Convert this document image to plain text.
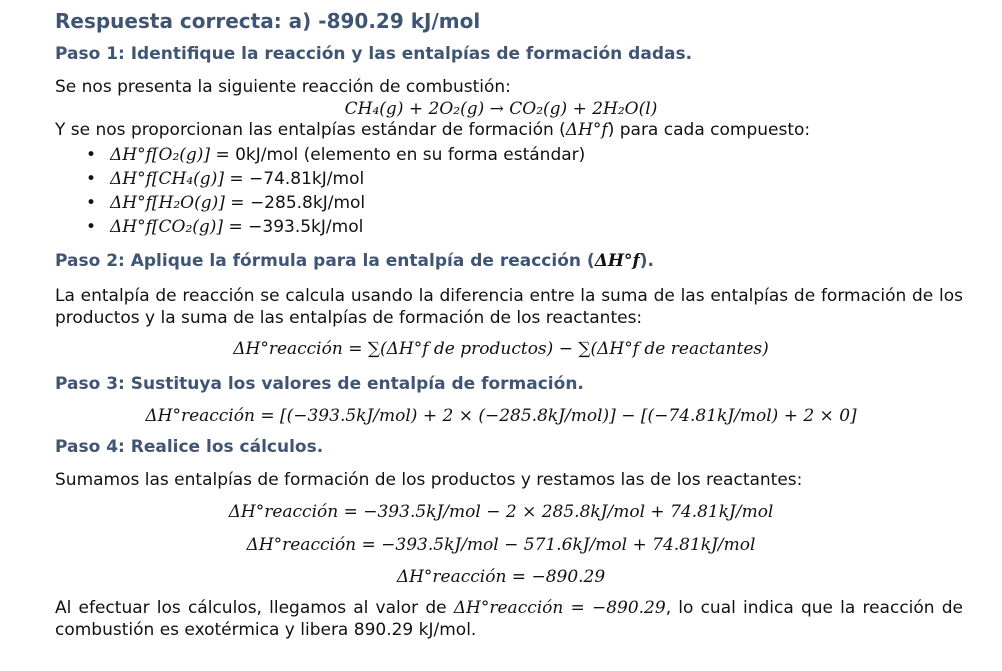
Respuesta correcta: a) -890.29 kJ/mol
Paso 1: Identifique la reacción y las entalpías de formación dadas.
Se nos presenta la siguiente reacción de combustión:
CH₄(g) + 2O₂(g) → CO₂(g) + 2H₂O(l)
Y se nos proporcionan las entalpías estándar de formación (ΔH°f) para cada compuesto:
• ΔH°f[O₂(g)] = 0kJ/mol (elemento en su forma estándar)
• ΔH°f[CH₄(g)] = −74.81kJ/mol
• ΔH°f[H₂O(g)] = −285.8kJ/mol
• ΔH°f[CO₂(g)] = −393.5kJ/mol
Paso 2: Aplique la fórmula para la entalpía de reacción (ΔH°f).
La entalpía de reacción se calcula usando la diferencia entre la suma de las entalpías de formación de los productos y la suma de las entalpías de formación de los reactantes:
ΔH°reacción = ∑(ΔH°f de productos) − ∑(ΔH°f de reactantes)
Paso 3: Sustituya los valores de entalpía de formación.
ΔH°reacción = [(−393.5kJ/mol) + 2 × (−285.8kJ/mol)] − [(−74.81kJ/mol) + 2 × 0]
Paso 4: Realice los cálculos.
Sumamos las entalpías de formación de los productos y restamos las de los reactantes:
ΔH°reacción = −393.5kJ/mol − 2 × 285.8kJ/mol + 74.81kJ/mol
ΔH°reacción = −393.5kJ/mol − 571.6kJ/mol + 74.81kJ/mol
ΔH°reacción = −890.29
Al efectuar los cálculos, llegamos al valor de ΔH°reacción = −890.29, lo cual indica que la reacción de combustión es exotérmica y libera 890.29 kJ/mol.
